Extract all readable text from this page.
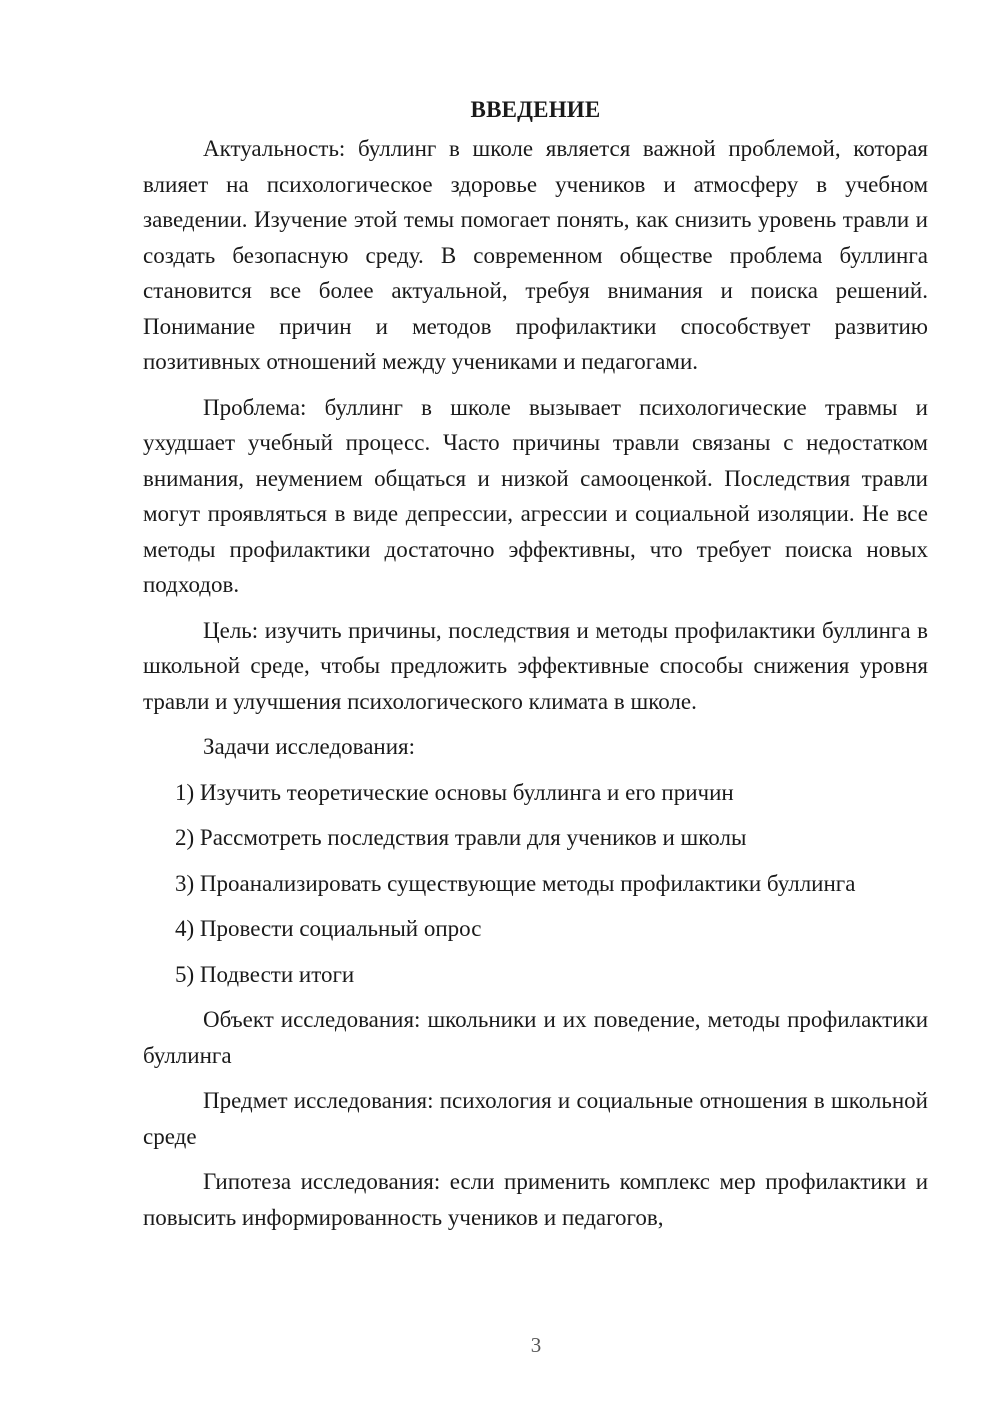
ВВЕДЕНИЕ

Актуальность: буллинг в школе является важной проблемой, которая влияет на психологическое здоровье учеников и атмосферу в учебном заведении. Изучение этой темы помогает понять, как снизить уровень травли и создать безопасную среду. В современном обществе проблема буллинга становится все более актуальной, требуя внимания и поиска решений. Понимание причин и методов профилактики способствует развитию позитивных отношений между учениками и педагогами.

Проблема: буллинг в школе вызывает психологические травмы и ухудшает учебный процесс. Часто причины травли связаны с недостатком внимания, неумением общаться и низкой самооценкой. Последствия травли могут проявляться в виде депрессии, агрессии и социальной изоляции. Не все методы профилактики достаточно эффективны, что требует поиска новых подходов.

Цель: изучить причины, последствия и методы профилактики буллинга в школьной среде, чтобы предложить эффективные способы снижения уровня травли и улучшения психологического климата в школе.

Задачи исследования:

1) Изучить теоретические основы буллинга и его причин

2) Рассмотреть последствия травли для учеников и школы

3) Проанализировать существующие методы профилактики буллинга

4) Провести социальный опрос

5) Подвести итоги

Объект исследования: школьники и их поведение, методы профилактики буллинга

Предмет исследования: психология и социальные отношения в школьной среде

Гипотеза исследования: если применить комплекс мер профилактики и повысить информированность учеников и педагогов,

3
